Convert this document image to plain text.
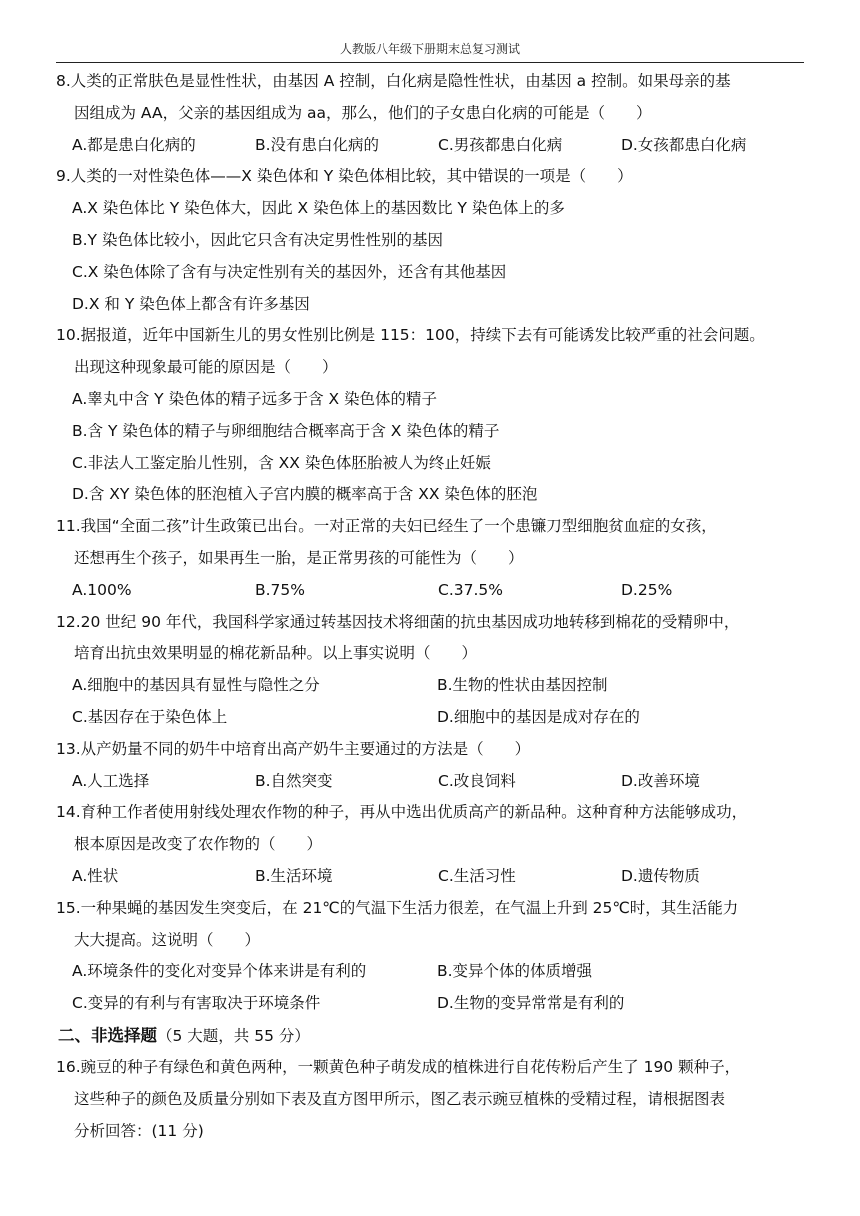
人教版八年级下册期末总复习测试
8.人类的正常肤色是显性性状，由基因 A 控制，白化病是隐性性状，由基因 a 控制。如果母亲的基
因组成为 AA，父亲的基因组成为 aa，那么，他们的子女患白化病的可能是（　　）
A.都是患白化病的	B.没有患白化病的	C.男孩都患白化病	D.女孩都患白化病
9.人类的一对性染色体——X 染色体和 Y 染色体相比较，其中错误的一项是（　　）
A.X 染色体比 Y 染色体大，因此 X 染色体上的基因数比 Y 染色体上的多
B.Y 染色体比较小，因此它只含有决定男性性别的基因
C.X 染色体除了含有与决定性别有关的基因外，还含有其他基因
D.X 和 Y 染色体上都含有许多基因
10.据报道，近年中国新生儿的男女性别比例是 115：100，持续下去有可能诱发比较严重的社会问题。
出现这种现象最可能的原因是（　　）
A.睾丸中含 Y 染色体的精子远多于含 X 染色体的精子
B.含 Y 染色体的精子与卵细胞结合概率高于含 X 染色体的精子
C.非法人工鉴定胎儿性别，含 XX 染色体胚胎被人为终止妊娠
D.含 XY 染色体的胚泡植入子宫内膜的概率高于含 XX 染色体的胚泡
11.我国“全面二孩”计生政策已出台。一对正常的夫妇已经生了一个患镰刀型细胞贫血症的女孩，
还想再生个孩子，如果再生一胎，是正常男孩的可能性为（　　）
A.100%	B.75%	C.37.5%	D.25%
12.20 世纪 90 年代，我国科学家通过转基因技术将细菌的抗虫基因成功地转移到棉花的受精卵中，
培育出抗虫效果明显的棉花新品种。以上事实说明（　　）
A.细胞中的基因具有显性与隐性之分	B.生物的性状由基因控制
C.基因存在于染色体上	D.细胞中的基因是成对存在的
13.从产奶量不同的奶牛中培育出高产奶牛主要通过的方法是（　　）
A.人工选择	B.自然突变	C.改良饲料	D.改善环境
14.育种工作者使用射线处理农作物的种子，再从中选出优质高产的新品种。这种育种方法能够成功，
根本原因是改变了农作物的（　　）
A.性状	B.生活环境	C.生活习性	D.遗传物质
15.一种果蝇的基因发生突变后，在 21℃的气温下生活力很差，在气温上升到 25℃时，其生活能力
大大提高。这说明（　　）
A.环境条件的变化对变异个体来讲是有利的	B.变异个体的体质增强
C.变异的有利与有害取决于环境条件	D.生物的变异常常是有利的
二、非选择题（5 大题，共 55 分）
16.豌豆的种子有绿色和黄色两种，一颗黄色种子萌发成的植株进行自花传粉后产生了 190 颗种子，
这些种子的颜色及质量分别如下表及直方图甲所示，图乙表示豌豆植株的受精过程，请根据图表
分析回答：(11 分)
